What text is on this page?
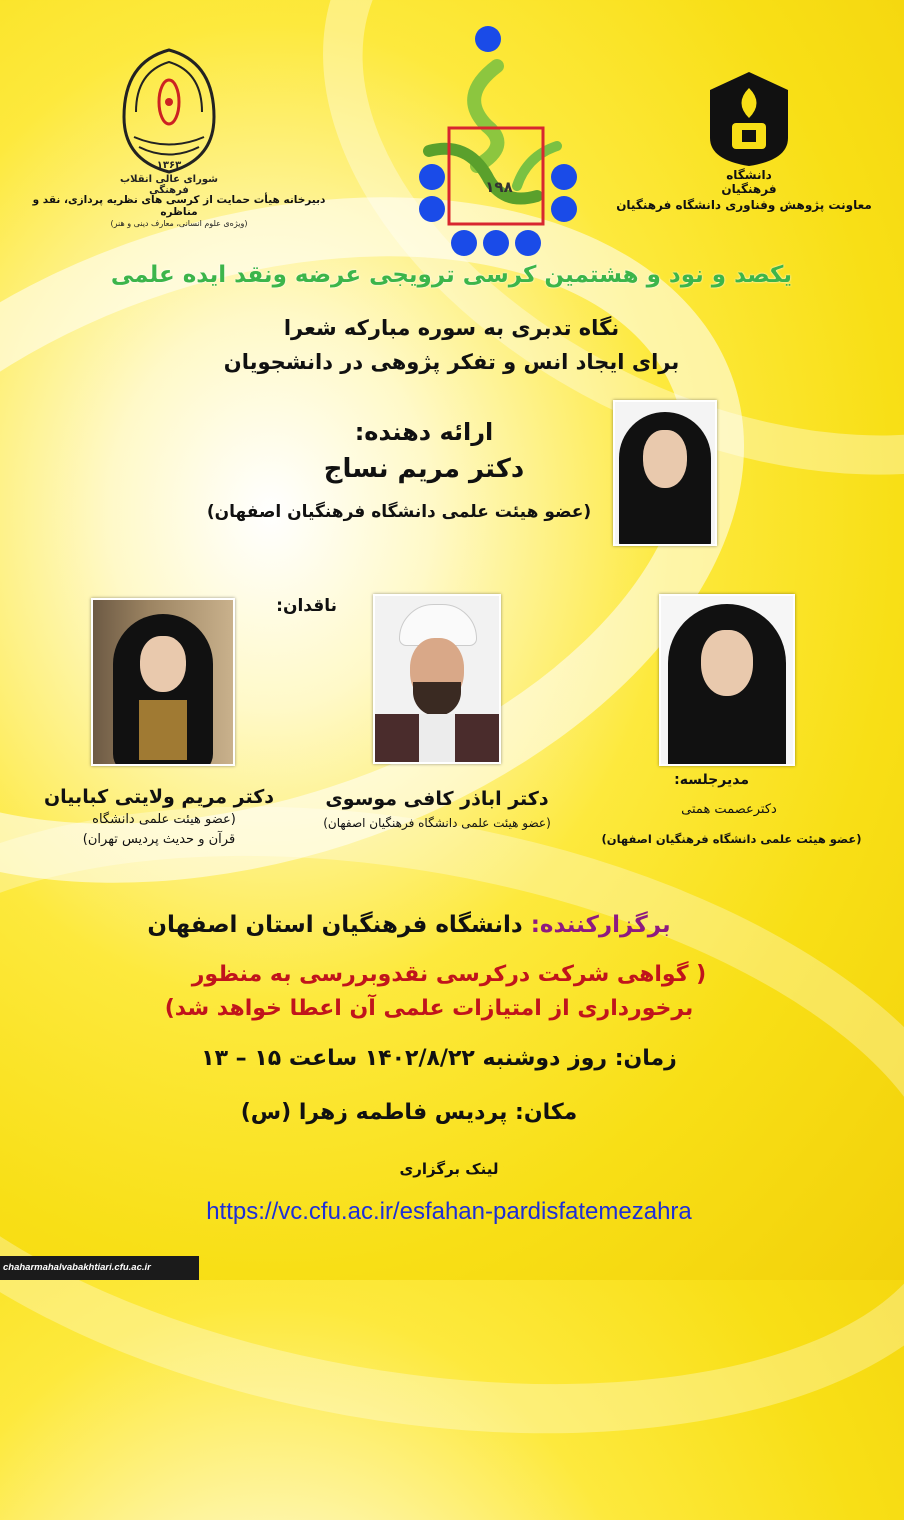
۱۳۶۳
شورای عالی انقلاب فرهنگی
دبیرخانه هیأت حمایت از کرسی های نظریه پردازی، نقد و مناظره
(ویژه‌ی علوم انسانی، معارف دینی و هنر)
۱۹۸
دانشگاه فرهنگیان
معاونت پژوهش وفناوری دانشگاه فرهنگیان
یکصد و نود و هشتمین کرسی ترویجی عرضه ونقد ایده علمی
نگاه تدبری به سوره مبارکه شعرا
برای ایجاد انس و تفکر پژوهی در دانشجویان
ارائه دهنده:
دکتر مریم نساج
(عضو هیئت علمی دانشگاه فرهنگیان اصفهان)
ناقدان:
دکتر مریم ولایتی کبابیان
(عضو هیئت علمی دانشگاه
قرآن و حدیث پردیس تهران)
دکتر اباذر کافی موسوی
(عضو هیئت علمی دانشگاه فرهنگیان اصفهان)
مدیرجلسه:
دکترعصمت همتی
(عضو هیئت علمی دانشگاه فرهنگیان اصفهان)
برگزارکننده: دانشگاه فرهنگیان استان اصفهان
( گواهی شرکت درکرسی نقدوبررسی به منظور
برخورداری از امتیازات علمی آن اعطا خواهد شد)
زمان: روز دوشنبه ۱۴۰۲/۸/۲۲ ساعت ۱۵ – ۱۳
مکان: پردیس فاطمه زهرا (س)
لینک برگزاری
https://vc.cfu.ac.ir/esfahan-pardisfatemezahra
chaharmahalvabakhtiari.cfu.ac.ir
